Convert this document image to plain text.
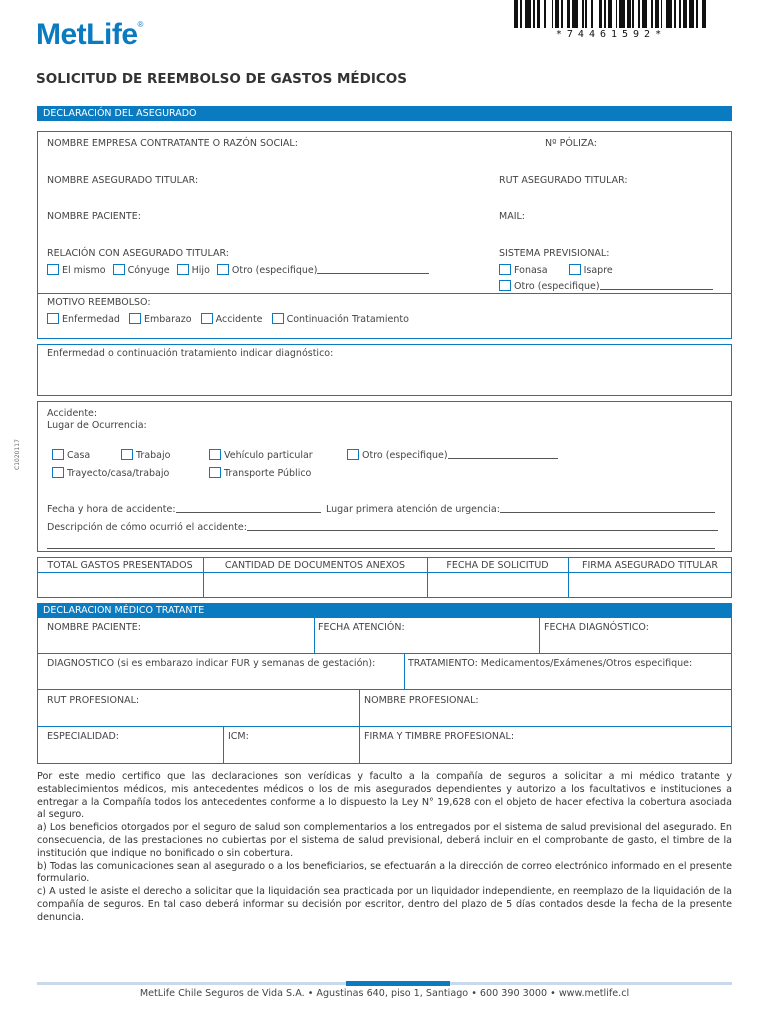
MetLife®
*74461592*
SOLICITUD DE REEMBOLSO DE GASTOS MÉDICOS
C1020117
DECLARACIÓN DEL ASEGURADO
NOMBRE EMPRESA CONTRATANTE O RAZÓN SOCIAL:	Nº PÓLIZA:
NOMBRE ASEGURADO TITULAR:	RUT ASEGURADO TITULAR:
NOMBRE PACIENTE:	MAIL:
RELACIÓN CON ASEGURADO TITULAR:
El mismo Cónyuge Hijo Otro (especifique)
SISTEMA PREVISIONAL:
Fonasa	Isapre
Otro (especifique)
MOTIVO REEMBOLSO:
Enfermedad	Embarazo	Accidente	Continuación Tratamiento
Enfermedad o continuación tratamiento indicar diagnóstico:
Accidente:
Lugar de Ocurrencia:
Casa	Trabajo	Vehículo particular	Otro (especifique)
Trayecto/casa/trabajo	Transporte Público
Fecha y hora de accidente:	Lugar primera atención de urgencia:
Descripción de cómo ocurrió el accidente:
TOTAL GASTOS PRESENTADOS	CANTIDAD DE DOCUMENTOS ANEXOS	FECHA DE SOLICITUD	FIRMA ASEGURADO TITULAR
DECLARACION MÉDICO TRATANTE
NOMBRE PACIENTE:	FECHA ATENCIÓN:	FECHA DIAGNÓSTICO:
DIAGNOSTICO (si es embarazo indicar FUR y semanas de gestación):	TRATAMIENTO: Medicamentos/Exámenes/Otros especifique:
RUT PROFESIONAL:	NOMBRE PROFESIONAL:
ESPECIALIDAD:	ICM:	FIRMA Y TIMBRE PROFESIONAL:

Por este medio certifico que las declaraciones son verídicas y faculto a la compañía de seguros a solicitar a mi médico tratante y establecimientos médicos, mis antecedentes médicos o los de mis asegurados dependientes y autorizo a los facultativos e instituciones a entregar a la Compañía todos los antecedentes conforme a lo dispuesto la Ley N° 19,628 con el objeto de hacer efectiva la cobertura asociada al seguro.

a) Los beneficios otorgados por el seguro de salud son complementarios a los entregados por el sistema de salud previsional del asegurado. En consecuencia, de las prestaciones no cubiertas por el sistema de salud previsional, deberá incluir en el comprobante de gasto, el timbre de la institución que indique no bonificado o sin cobertura.

b) Todas las comunicaciones sean al asegurado o a los beneficiarios, se efectuarán a la dirección de correo electrónico informado en el presente formulario.

c) A usted le asiste el derecho a solicitar que la liquidación sea practicada por un liquidador independiente, en reemplazo de la liquidación de la compañía de seguros. En tal caso deberá informar su decisión por escritor, dentro del plazo de 5 días contados desde la fecha de la presente denuncia.

MetLife Chile Seguros de Vida S.A. • Agustinas 640, piso 1, Santiago • 600 390 3000 • www.metlife.cl
